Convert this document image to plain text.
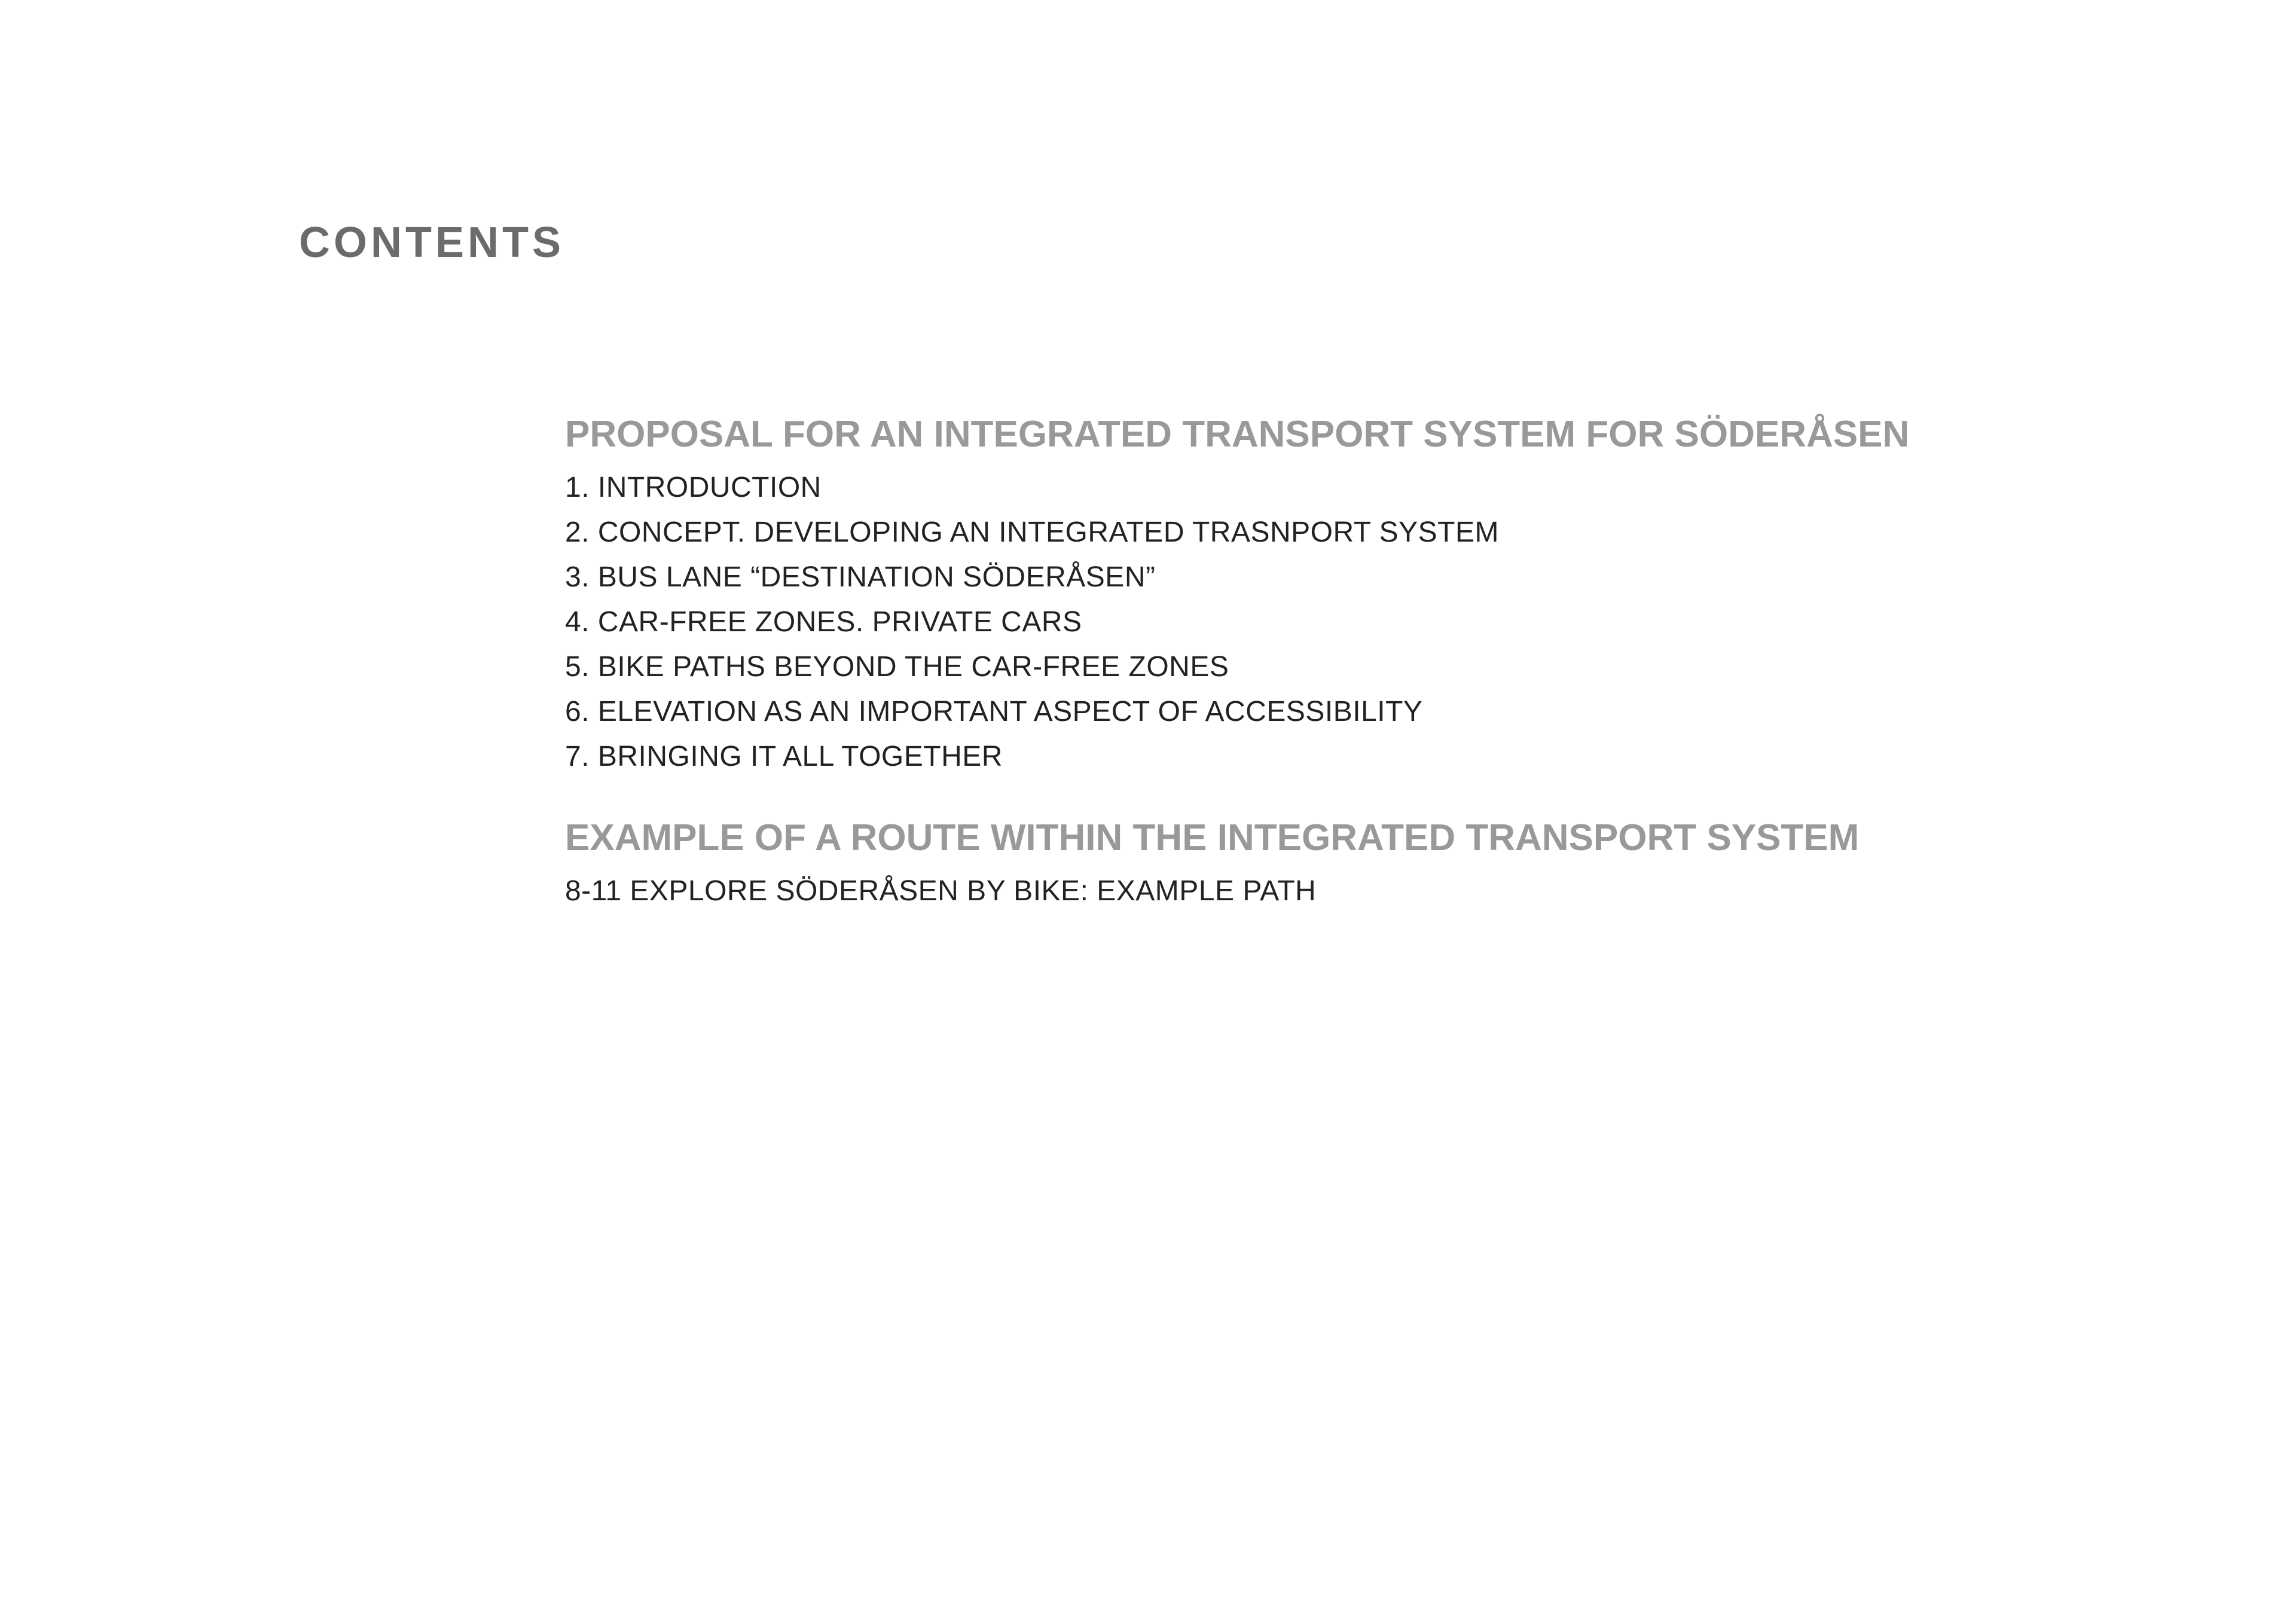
CONTENTS
PROPOSAL FOR AN INTEGRATED TRANSPORT SYSTEM FOR SÖDERÅSEN
1. INTRODUCTION
2. CONCEPT. DEVELOPING AN INTEGRATED TRASNPORT SYSTEM
3. BUS LANE “DESTINATION SÖDERÅSEN”
4. CAR-FREE ZONES. PRIVATE CARS
5. BIKE PATHS BEYOND THE CAR-FREE ZONES
6. ELEVATION AS AN IMPORTANT ASPECT OF ACCESSIBILITY
7. BRINGING IT ALL TOGETHER
EXAMPLE OF A ROUTE WITHIN THE INTEGRATED TRANSPORT SYSTEM
8-11 EXPLORE SÖDERÅSEN BY BIKE: EXAMPLE PATH
